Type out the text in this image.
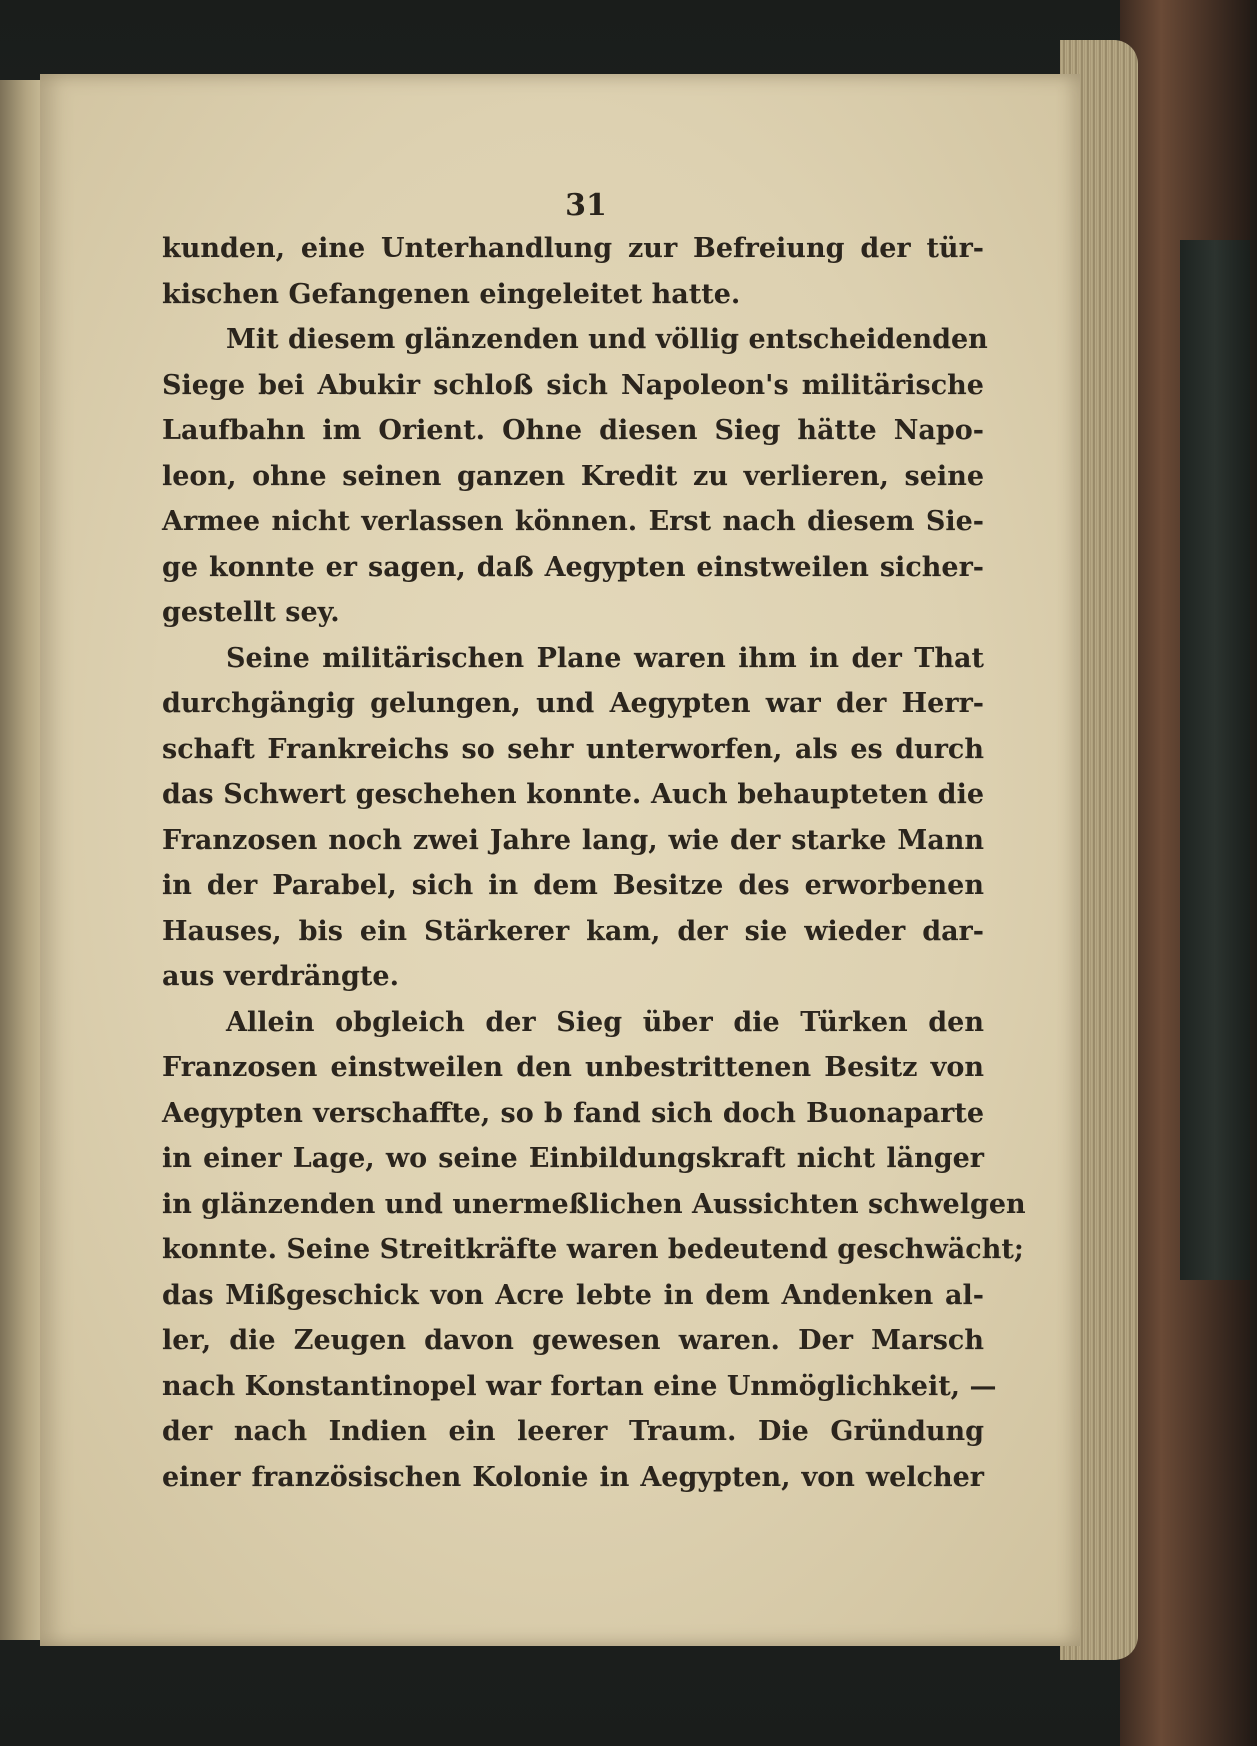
31

kunden, eine Unterhandlung zur Befreiung der tür-

kischen Gefangenen eingeleitet hatte.

Mit diesem glänzenden und völlig entscheidenden

Siege bei Abukir schloß sich Napoleon's militärische

Laufbahn im Orient. Ohne diesen Sieg hätte Napo-

leon, ohne seinen ganzen Kredit zu verlieren, seine

Armee nicht verlassen können. Erst nach diesem Sie-

ge konnte er sagen, daß Aegypten einstweilen sicher-

gestellt sey.

Seine militärischen Plane waren ihm in der That

durchgängig gelungen, und Aegypten war der Herr-

schaft Frankreichs so sehr unterworfen, als es durch

das Schwert geschehen konnte. Auch behaupteten die

Franzosen noch zwei Jahre lang, wie der starke Mann

in der Parabel, sich in dem Besitze des erworbenen

Hauses, bis ein Stärkerer kam, der sie wieder dar-

aus verdrängte.

Allein obgleich der Sieg über die Türken den

Franzosen einstweilen den unbestrittenen Besitz von

Aegypten verschaffte, so b fand sich doch Buonaparte

in einer Lage, wo seine Einbildungskraft nicht länger

in glänzenden und unermeßlichen Aussichten schwelgen

konnte. Seine Streitkräfte waren bedeutend geschwächt;

das Mißgeschick von Acre lebte in dem Andenken al-

ler, die Zeugen davon gewesen waren. Der Marsch

nach Konstantinopel war fortan eine Unmöglichkeit, —

der nach Indien ein leerer Traum. Die Gründung

einer französischen Kolonie in Aegypten, von welcher
